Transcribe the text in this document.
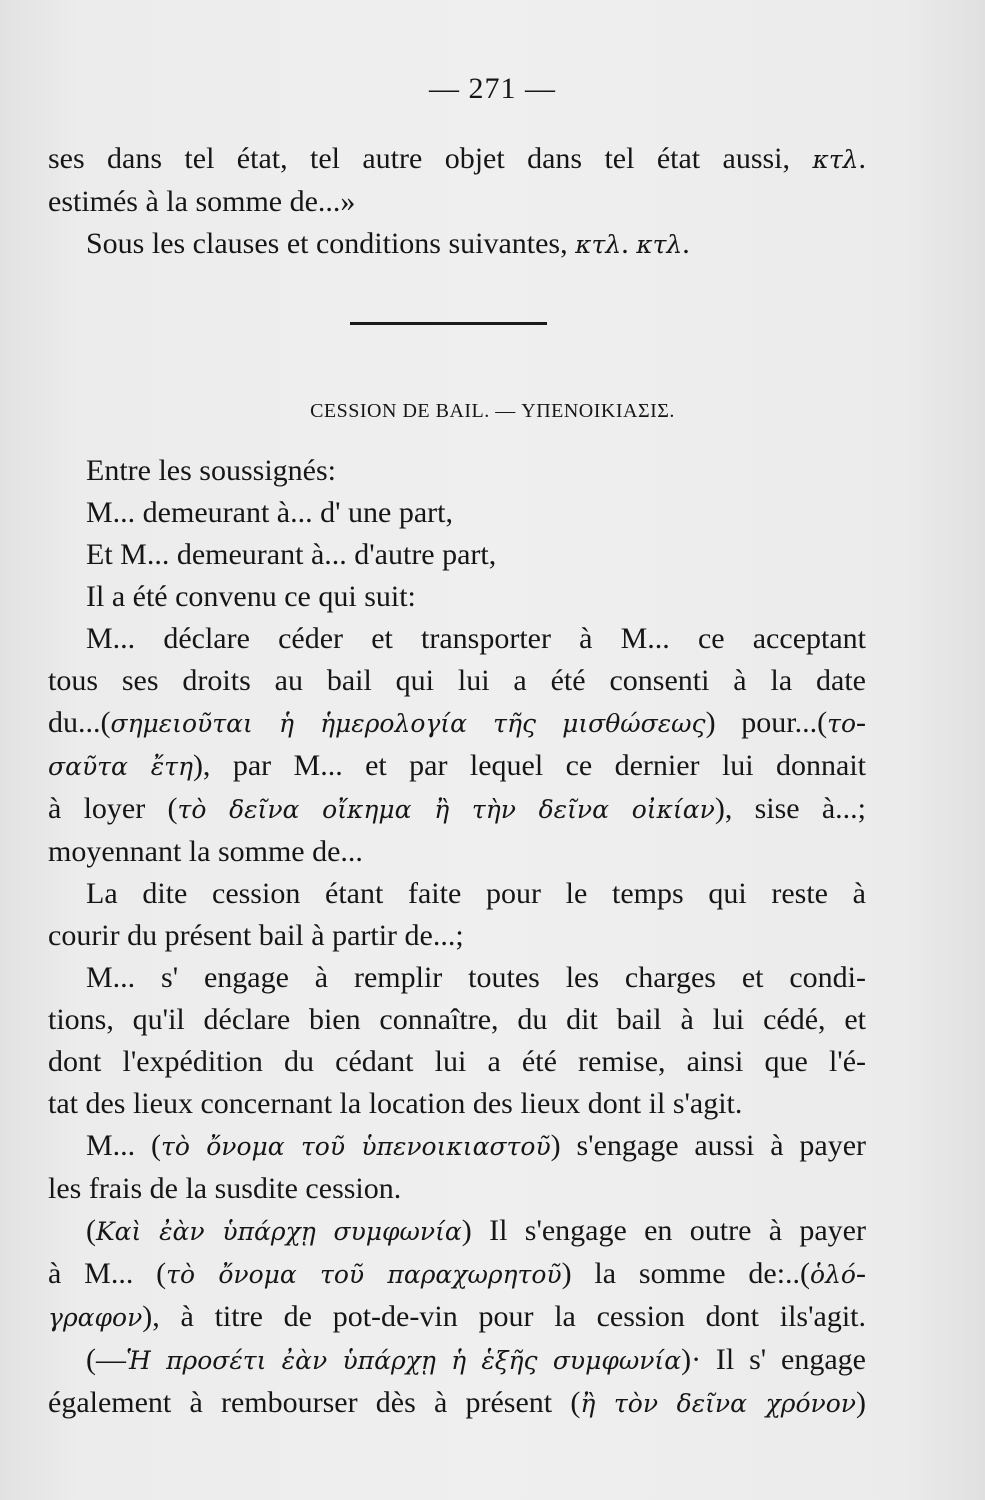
— 271 —
ses dans tel état, tel autre objet dans tel état aussi, κτλ.
estimés à la somme de...»
Sous les clauses et conditions suivantes, κτλ. κτλ.
CESSION DE BAIL. — ΥΠΕΝΟΙΚΙΑΣΙΣ.
Entre les soussignés:
M... demeurant à... d' une part,
Et M... demeurant à... d'autre part,
Il a été convenu ce qui suit:
M... déclare céder et transporter à M... ce acceptant
tous ses droits au bail qui lui a été consenti à la date
du...(σημειοῦται ἡ ἡμερολογία τῆς μισθώσεως) pour...(το-
σαῦτα ἔτη), par M... et par lequel ce dernier lui donnait
à loyer (τὸ δεῖνα οἴκημα ἢ τὴν δεῖνα οἰκίαν), sise à...;
moyennant la somme de...
La dite cession étant faite pour le temps qui reste à
courir du présent bail à partir de...;
M... s' engage à remplir toutes les charges et condi-
tions, qu'il déclare bien connaître, du dit bail à lui cédé, et
dont l'expédition du cédant lui a été remise, ainsi que l'é-
tat des lieux concernant la location des lieux dont il s'agit.
M... (τὸ ὄνομα τοῦ ὑπενοικιαστοῦ) s'engage aussi à payer
les frais de la susdite cession.
(Καὶ ἐὰν ὑπάρχῃ συμφωνία) Il s'engage en outre à payer
à M... (τὸ ὄνομα τοῦ παραχωρητοῦ) la somme de:..(ὁλό-
γραφον), à titre de pot-de-vin pour la cession dont ils'agit.
(—Ἡ προσέτι ἐὰν ὑπάρχῃ ἡ ἑξῆς συμφωνία)· Il s' engage
également à rembourser dès à présent (ἢ τὸν δεῖνα χρόνον)
